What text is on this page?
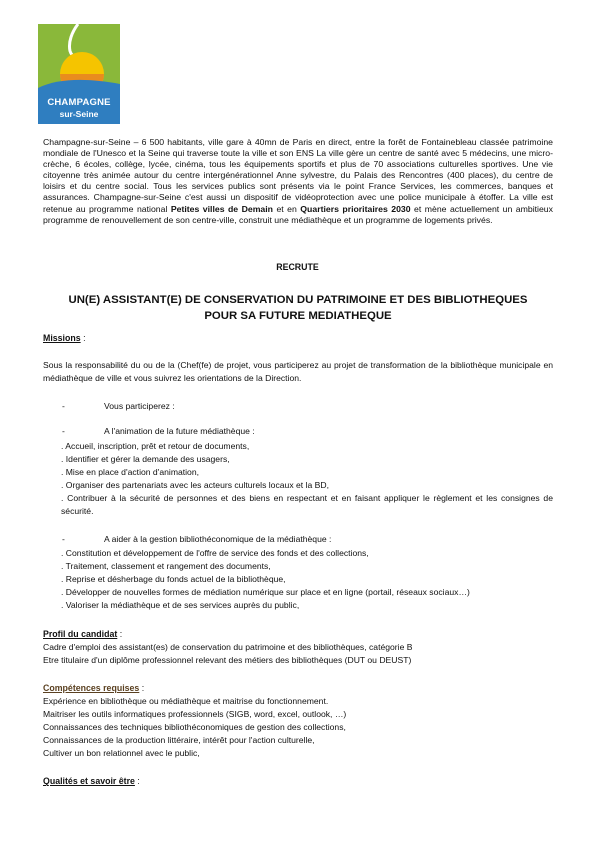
CHAMPAGNE
sur-Seine
Champagne-sur-Seine – 6 500 habitants, ville gare à 40mn de Paris en direct, entre la forêt de Fontainebleau classée patrimoine mondiale de l'Unesco et la Seine qui traverse toute la ville et son ENS La ville gère un centre de santé avec 5 médecins, une micro-crèche, 6 écoles, collège, lycée, cinéma, tous les équipements sportifs et plus de 70 associations culturelles sportives. Une vie citoyenne très animée autour du centre intergénérationnel Anne sylvestre, du Palais des Rencontres (400 places), du centre de loisirs et du centre social. Tous les services publics sont présents via le point France Services, les commerces, banques et assurances. Champagne-sur-Seine c'est aussi un dispositif de vidéoprotection avec une police municipale à étoffer. La ville est retenue au programme national Petites villes de Demain et en Quartiers prioritaires 2030 et mène actuellement un ambitieux programme de renouvellement de son centre-ville, construit une médiathèque et un programme de logements privés.
RECRUTE
UN(E) ASSISTANT(E) DE CONSERVATION DU PATRIMOINE ET DES BIBLIOTHEQUES
POUR SA FUTURE MEDIATHEQUE
Missions :
Sous la responsabilité du ou de la (Chef(fe) de projet, vous participerez au projet de transformation de la bibliothèque municipale en médiathèque de ville et vous suivrez les orientations de la Direction.
-	Vous participerez :
-	A l'animation de la future médiathèque :
. Accueil, inscription, prêt et retour de documents,
. Identifier et gérer la demande des usagers,
. Mise en place d'action d'animation,
. Organiser des partenariats avec les acteurs culturels locaux et la BD,
. Contribuer à la sécurité de personnes et des biens en respectant et en faisant appliquer le règlement et les consignes de sécurité.
-	A aider à la gestion bibliothéconomique de la médiathèque :
. Constitution et développement de l'offre de service des fonds et des collections,
. Traitement, classement et rangement des documents,
. Reprise et désherbage du fonds actuel de la bibliothèque,
. Développer de nouvelles formes de médiation numérique sur place et en ligne (portail, réseaux sociaux…)
. Valoriser la médiathèque et de ses services auprès du public,
Profil du candidat :
Cadre d'emploi des assistant(es) de conservation du patrimoine et des bibliothèques, catégorie B
Etre titulaire d'un diplôme professionnel relevant des métiers des bibliothèques (DUT ou DEUST)
Compétences requises :
Expérience en bibliothèque ou médiathèque et maitrise du fonctionnement.
Maitriser les outils informatiques professionnels (SIGB, word, excel, outlook, …)
Connaissances des techniques bibliothéconomiques de gestion des collections,
Connaissances de la production littéraire, intérêt pour l'action culturelle,
Cultiver un bon relationnel avec le public,
Qualités et savoir être :
